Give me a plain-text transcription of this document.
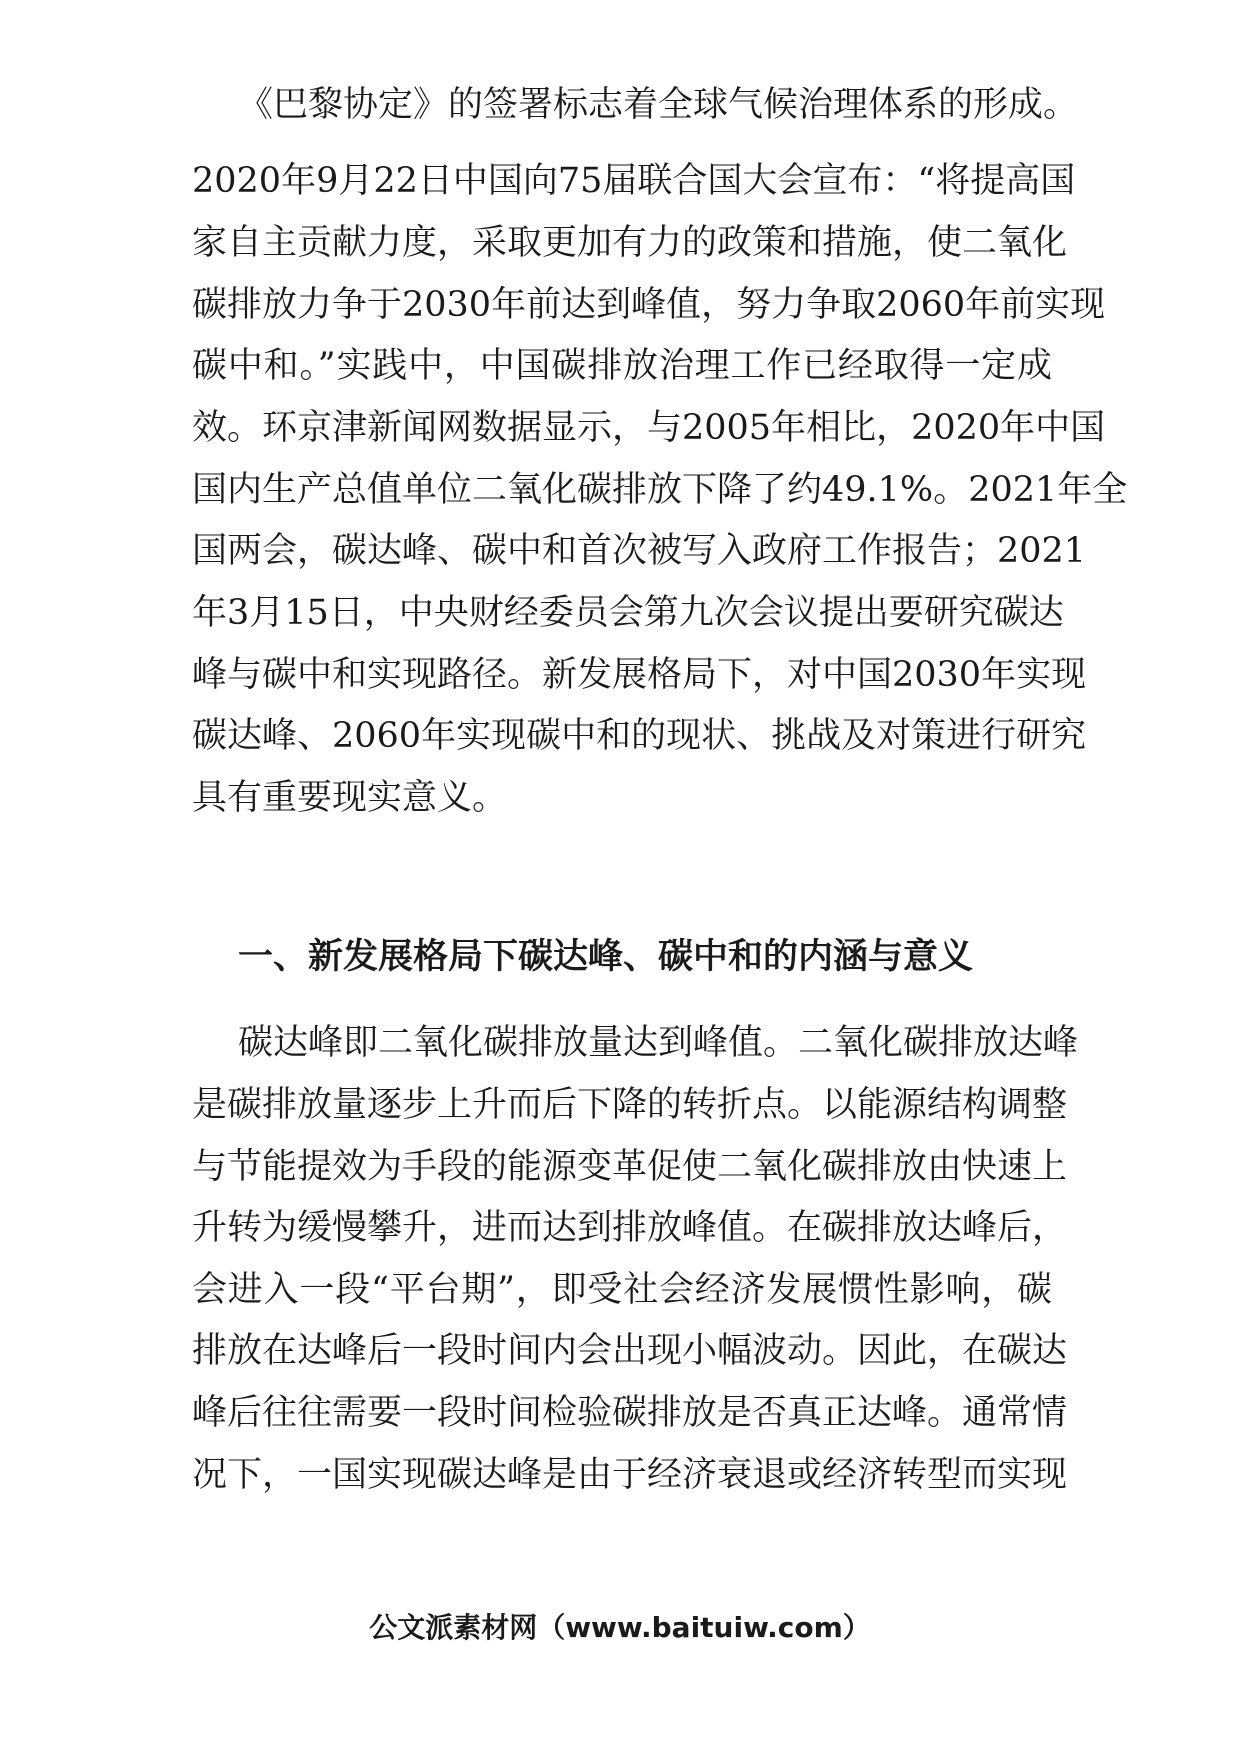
《巴黎协定》的签署标志着全球气候治理体系的形成。
2020年9月22日中国向75届联合国大会宣布：“将提高国
家自主贡献力度，采取更加有力的政策和措施，使二氧化
碳排放力争于2030年前达到峰值，努力争取2060年前实现
碳中和。”实践中，中国碳排放治理工作已经取得一定成
效。环京津新闻网数据显示，与2005年相比，2020年中国
国内生产总值单位二氧化碳排放下降了约49.1%。2021年全
国两会，碳达峰、碳中和首次被写入政府工作报告；2021
年3月15日，中央财经委员会第九次会议提出要研究碳达
峰与碳中和实现路径。新发展格局下，对中国2030年实现
碳达峰、2060年实现碳中和的现状、挑战及对策进行研究
具有重要现实意义。
一、新发展格局下碳达峰、碳中和的内涵与意义
碳达峰即二氧化碳排放量达到峰值。二氧化碳排放达峰
是碳排放量逐步上升而后下降的转折点。以能源结构调整
与节能提效为手段的能源变革促使二氧化碳排放由快速上
升转为缓慢攀升，进而达到排放峰值。在碳排放达峰后，
会进入一段“平台期”，即受社会经济发展惯性影响，碳
排放在达峰后一段时间内会出现小幅波动。因此，在碳达
峰后往往需要一段时间检验碳排放是否真正达峰。通常情
况下，一国实现碳达峰是由于经济衰退或经济转型而实现
公文派素材网（www.baituiw.com）
